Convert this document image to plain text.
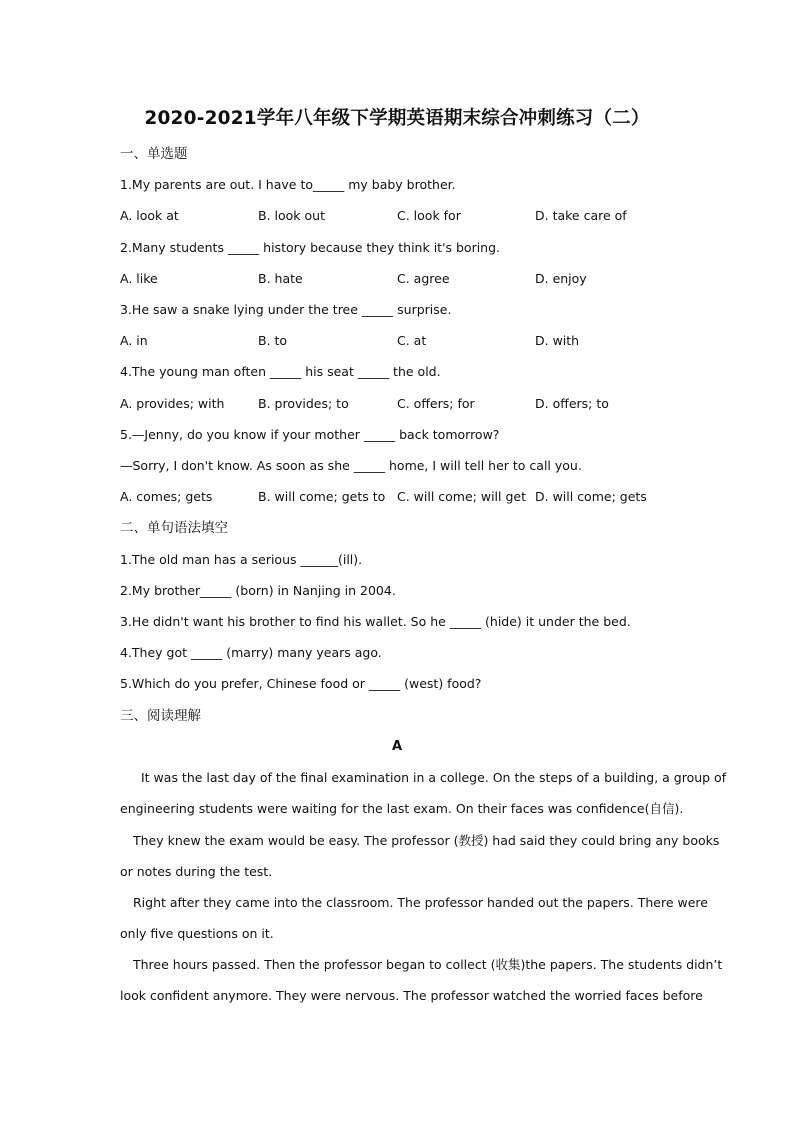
2020-2021学年八年级下学期英语期末综合冲刺练习（二）
一、单选题
1.My parents are out. I have to_____ my baby brother.
A. look at	B. look out	C. look for	D. take care of
2.Many students _____ history because they think it's boring.
A. like	B. hate	C. agree	D. enjoy
3.He saw a snake lying under the tree _____ surprise.
A. in	B. to	C. at	D. with
4.The young man often _____ his seat _____ the old.
A. provides; with	B. provides; to	C. offers; for	D. offers; to
5.—Jenny, do you know if your mother _____ back tomorrow?
—Sorry, I don't know. As soon as she _____ home, I will tell her to call you.
A. comes; gets	B. will come; gets to C. will come; will get D. will come; gets
二、单句语法填空
1.The old man has a serious ______(ill).
2.My brother_____ (born) in Nanjing in 2004.
3.He didn't want his brother to find his wallet. So he _____ (hide) it under the bed.
4.They got _____ (marry) many years ago.
5.Which do you prefer, Chinese food or _____ (west) food?
三、阅读理解
A
It was the last day of the final examination in a college. On the steps of a building, a group of
engineering students were waiting for the last exam. On their faces was confidence(自信).
They knew the exam would be easy. The professor (教授) had said they could bring any books
or notes during the test.
Right after they came into the classroom. The professor handed out the papers. There were
only five questions on it.
Three hours passed. Then the professor began to collect (收集)the papers. The students didn’t
look confident anymore. They were nervous. The professor watched the worried faces before
